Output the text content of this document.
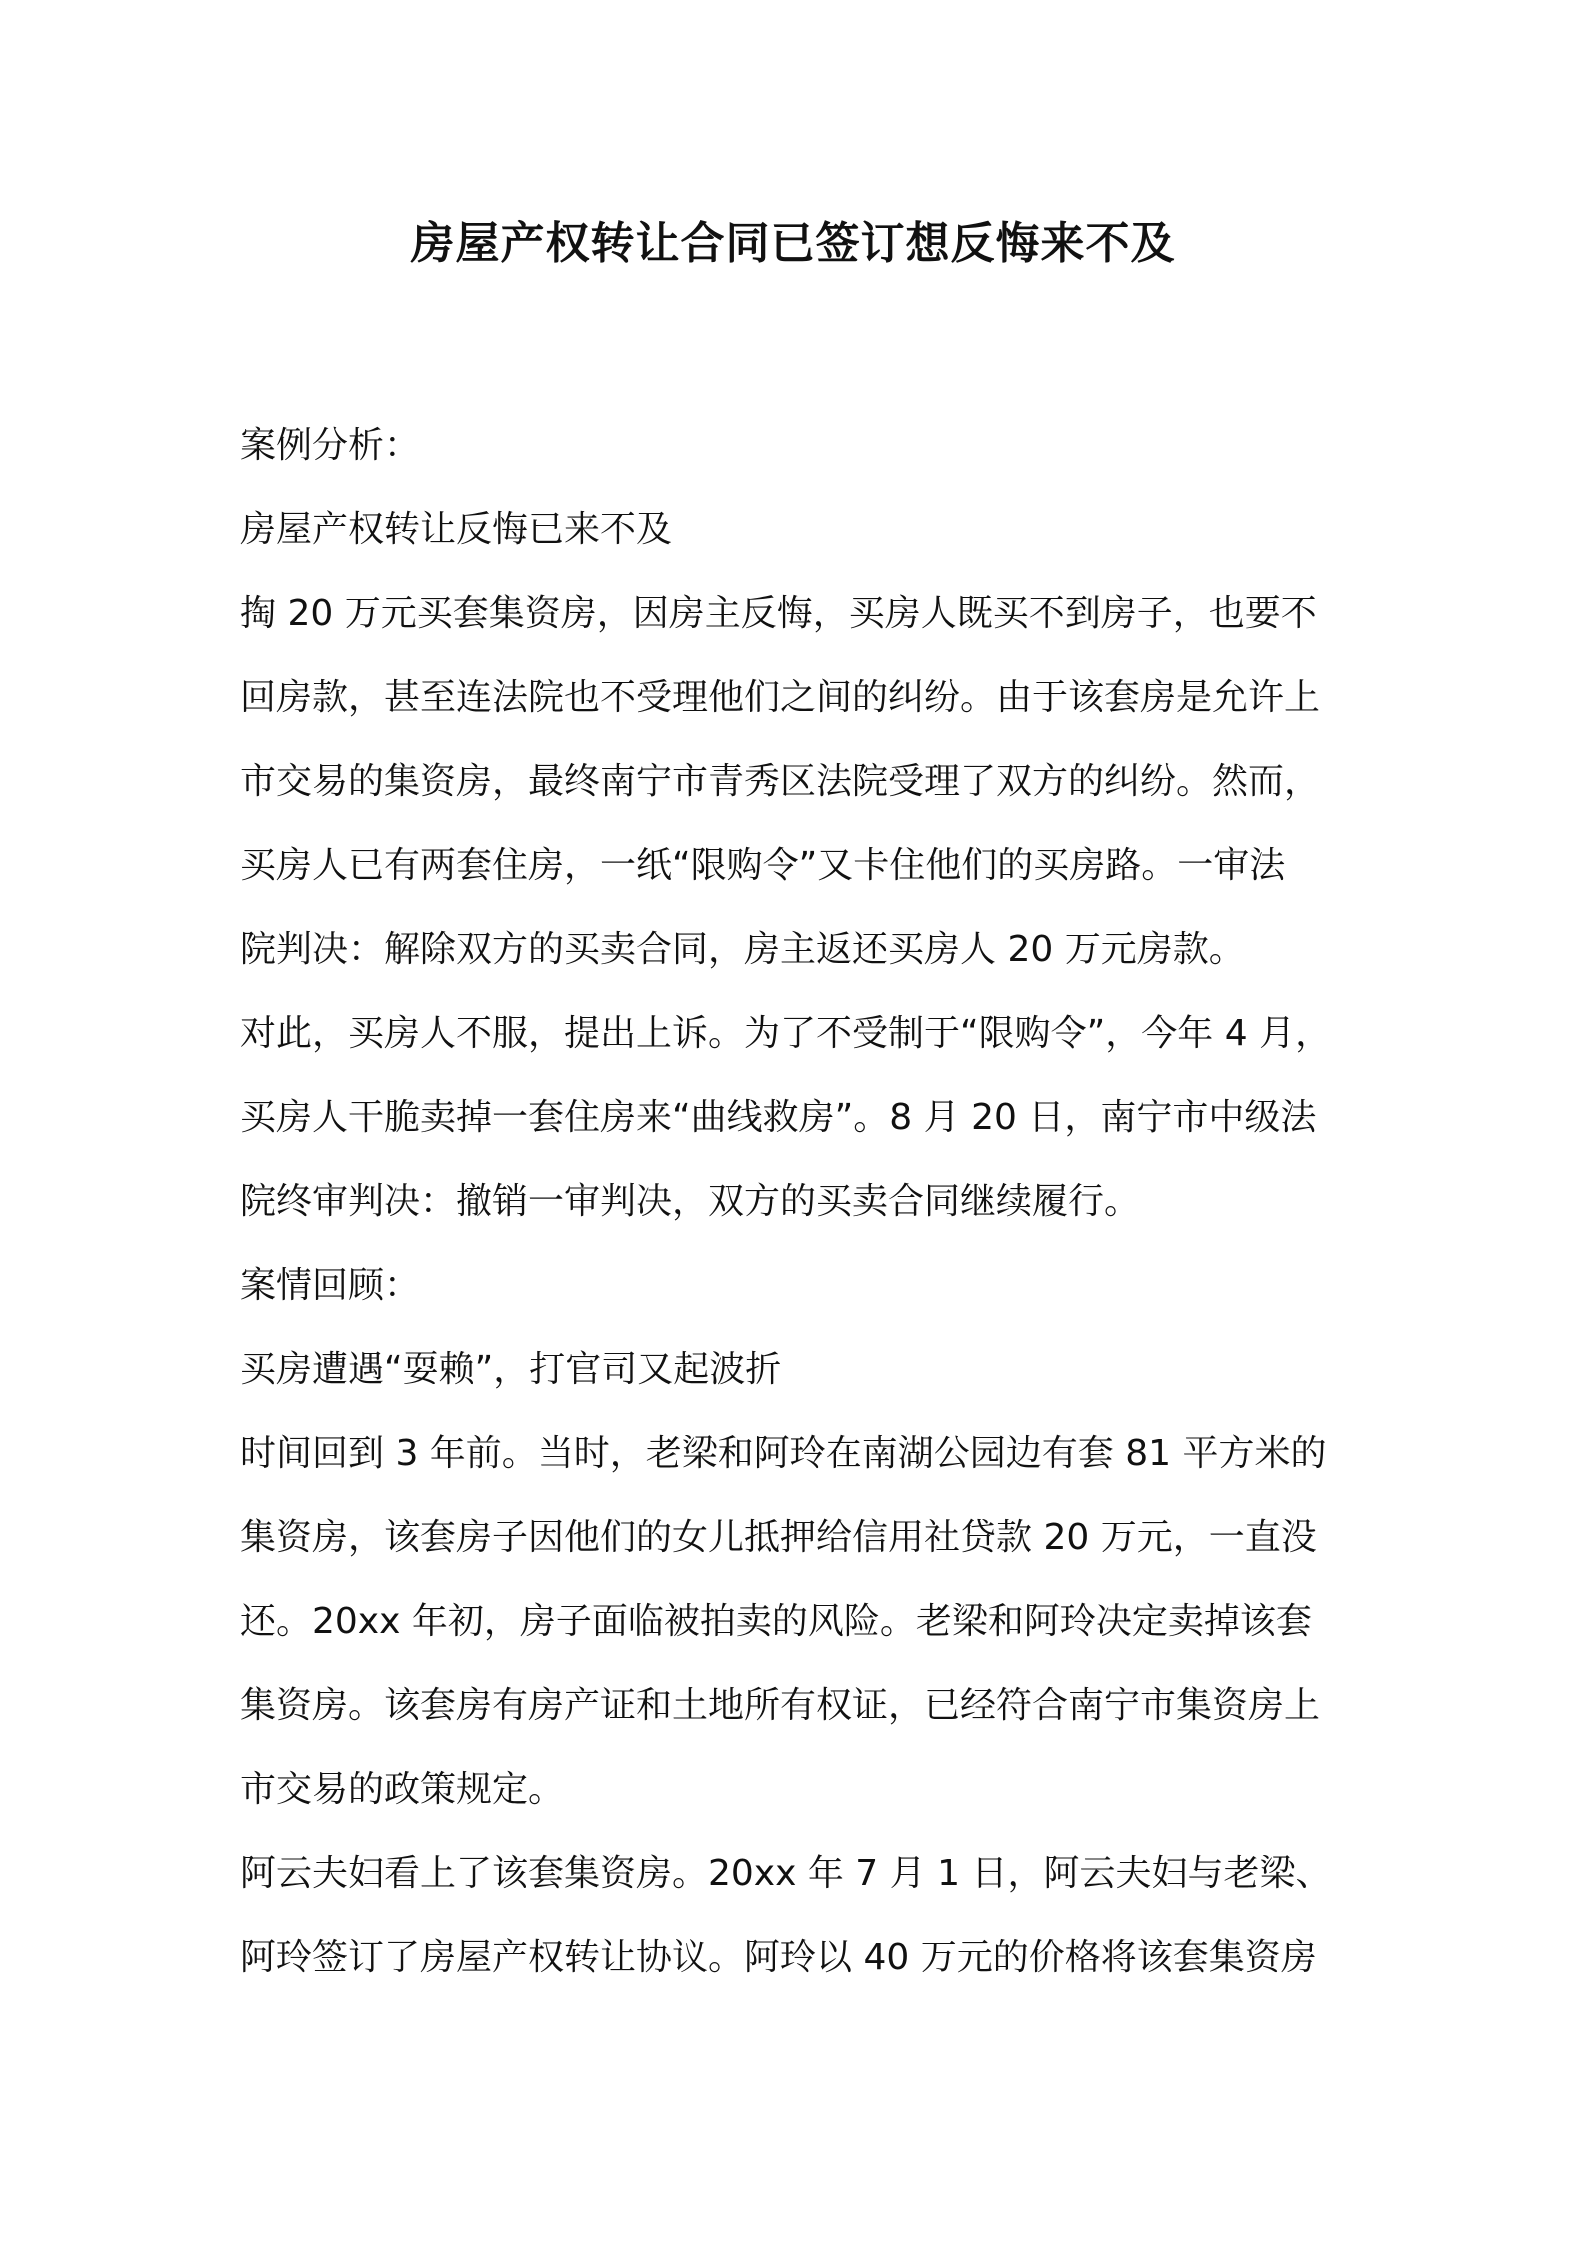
房屋产权转让合同已签订想反悔来不及
案例分析：
房屋产权转让反悔已来不及
掏 20 万元买套集资房，因房主反悔，买房人既买不到房子，也要不
回房款，甚至连法院也不受理他们之间的纠纷。由于该套房是允许上
市交易的集资房，最终南宁市青秀区法院受理了双方的纠纷。然而，
买房人已有两套住房，一纸“限购令”又卡住他们的买房路。一审法
院判决：解除双方的买卖合同，房主返还买房人 20 万元房款。
对此，买房人不服，提出上诉。为了不受制于“限购令”，今年 4 月，
买房人干脆卖掉一套住房来“曲线救房”。8 月 20 日，南宁市中级法
院终审判决：撤销一审判决，双方的买卖合同继续履行。
案情回顾：
买房遭遇“耍赖”，打官司又起波折
时间回到 3 年前。当时，老梁和阿玲在南湖公园边有套 81 平方米的
集资房，该套房子因他们的女儿抵押给信用社贷款 20 万元，一直没
还。20xx 年初，房子面临被拍卖的风险。老梁和阿玲决定卖掉该套
集资房。该套房有房产证和土地所有权证，已经符合南宁市集资房上
市交易的政策规定。
阿云夫妇看上了该套集资房。20xx 年 7 月 1 日，阿云夫妇与老梁、
阿玲签订了房屋产权转让协议。阿玲以 40 万元的价格将该套集资房
